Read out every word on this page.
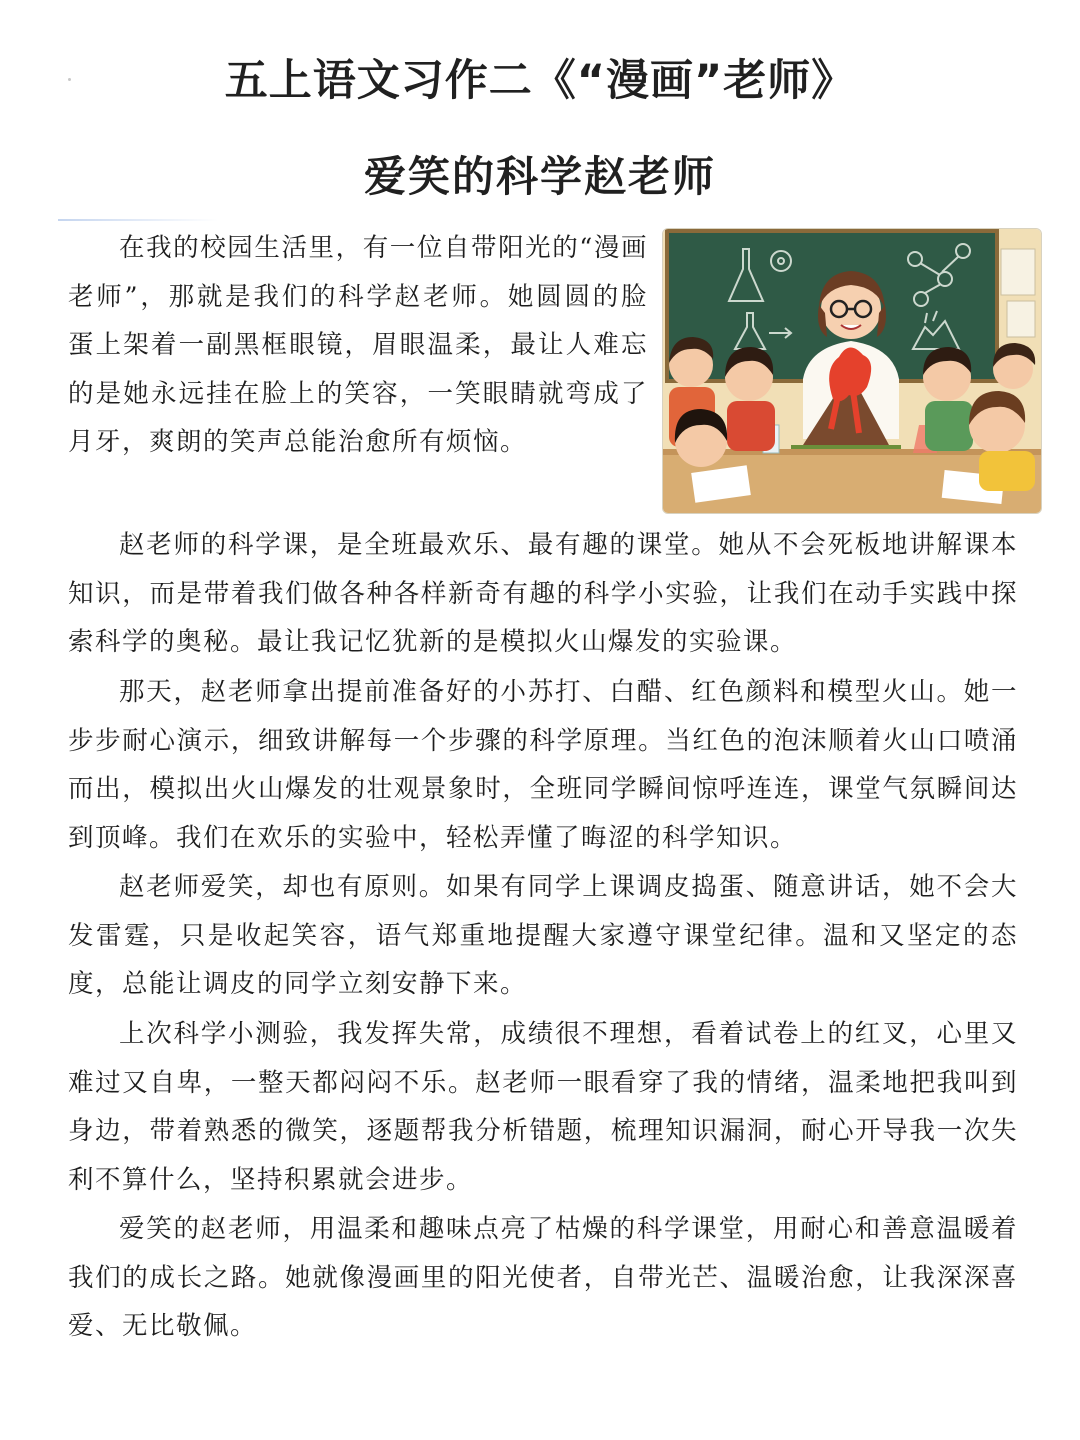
五上语文习作二《“漫画”老师》
爱笑的科学赵老师

在我的校园生活里，有一位自带阳光的“漫画老师”，那就是我们的科学赵老师。她圆圆的脸蛋上架着一副黑框眼镜，眉眼温柔，最让人难忘的是她永远挂在脸上的笑容，一笑眼睛就弯成了月牙，爽朗的笑声总能治愈所有烦恼。

赵老师的科学课，是全班最欢乐、最有趣的课堂。她从不会死板地讲解课本知识，而是带着我们做各种各样新奇有趣的科学小实验，让我们在动手实践中探索科学的奥秘。最让我记忆犹新的是模拟火山爆发的实验课。

那天，赵老师拿出提前准备好的小苏打、白醋、红色颜料和模型火山。她一步步耐心演示，细致讲解每一个步骤的科学原理。当红色的泡沫顺着火山口喷涌而出，模拟出火山爆发的壮观景象时，全班同学瞬间惊呼连连，课堂气氛瞬间达到顶峰。我们在欢乐的实验中，轻松弄懂了晦涩的科学知识。

赵老师爱笑，却也有原则。如果有同学上课调皮捣蛋、随意讲话，她不会大发雷霆，只是收起笑容，语气郑重地提醒大家遵守课堂纪律。温和又坚定的态度，总能让调皮的同学立刻安静下来。

上次科学小测验，我发挥失常，成绩很不理想，看着试卷上的红叉，心里又难过又自卑，一整天都闷闷不乐。赵老师一眼看穿了我的情绪，温柔地把我叫到身边，带着熟悉的微笑，逐题帮我分析错题，梳理知识漏洞，耐心开导我一次失利不算什么，坚持积累就会进步。

爱笑的赵老师，用温柔和趣味点亮了枯燥的科学课堂，用耐心和善意温暖着我们的成长之路。她就像漫画里的阳光使者，自带光芒、温暖治愈，让我深深喜爱、无比敬佩。
